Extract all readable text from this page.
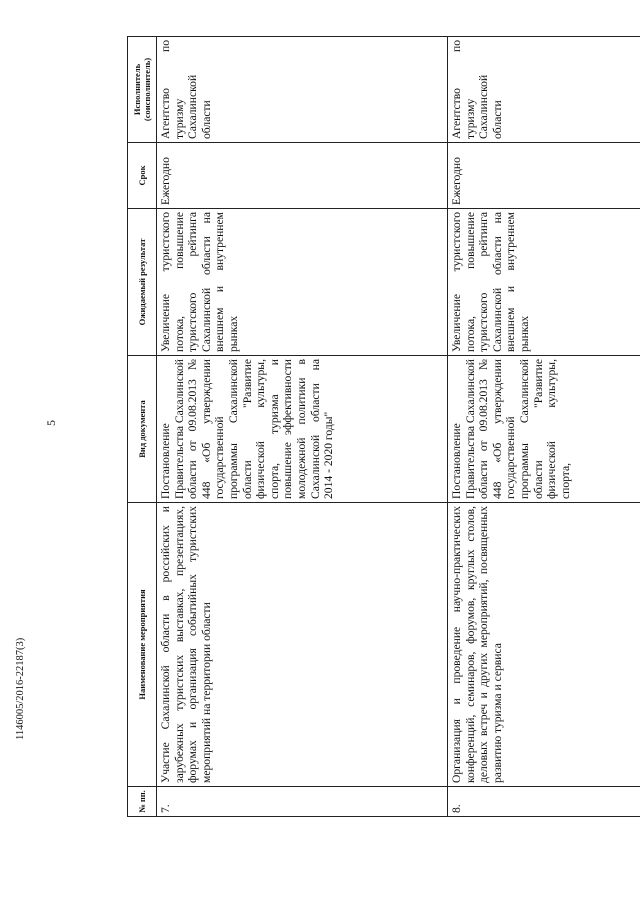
5
1146005/2016-22187(3)
№ пп.	Наименование мероприятия	Вид документа	Ожидаемый результат	Срок	Исполнитель (соисполнитель)

7.	Участие Сахалинской области в российских и зарубежных туристских выставках, презентациях, форумах и организация событийных туристских мероприятий на территории области	Постановление Правительства Сахалинской области от 09.08.2013 № 448 «Об утверждении государственной программы Сахалинской области "Развитие физической культуры, спорта, туризма и повышение эффективности молодежной политики в Сахалинской области на 2014 - 2020 годы"	Увеличение туристского потока, повышение туристского рейтинга Сахалинской области на внешнем и внутреннем рынках	Ежегодно	Агентство по туризму Сахалинской области

8.	Организация и проведение научно-практических конференций, семинаров, форумов, круглых столов, деловых встреч и других мероприятий, посвященных развитию туризма и сервиса	Постановление Правительства Сахалинской области от 09.08.2013 № 448 «Об утверждении государственной программы Сахалинской области "Развитие физической культуры, спорта,	Увеличение туристского потока, повышение туристского рейтинга Сахалинской области на внешнем и внутреннем рынках	Ежегодно	Агентство по туризму Сахалинской области
